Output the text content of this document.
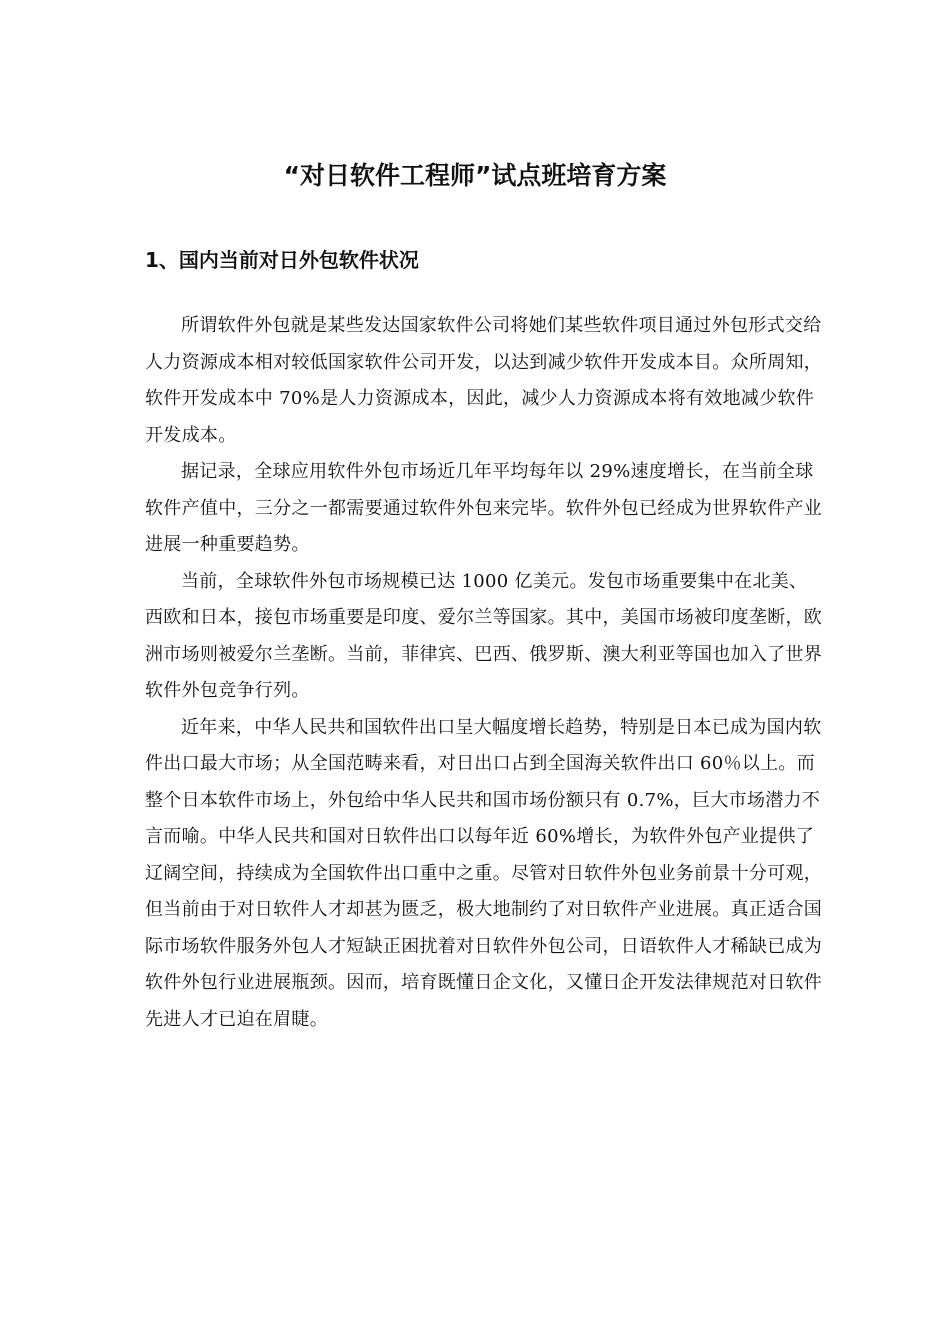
“对日软件工程师”试点班培育方案
1、国内当前对日外包软件状况

所谓软件外包就是某些发达国家软件公司将她们某些软件项目通过外包形式交给人力资源成本相对较低国家软件公司开发，以达到减少软件开发成本目。众所周知，软件开发成本中 70%是人力资源成本，因此，减少人力资源成本将有效地减少软件开发成本。

据记录，全球应用软件外包市场近几年平均每年以 29%速度增长，在当前全球软件产值中，三分之一都需要通过软件外包来完毕。软件外包已经成为世界软件产业进展一种重要趋势。

当前，全球软件外包市场规模已达 1000 亿美元。发包市场重要集中在北美、西欧和日本，接包市场重要是印度、爱尔兰等国家。其中，美国市场被印度垄断，欧洲市场则被爱尔兰垄断。当前，菲律宾、巴西、俄罗斯、澳大利亚等国也加入了世界软件外包竞争行列。

近年来，中华人民共和国软件出口呈大幅度增长趋势，特别是日本已成为国内软件出口最大市场；从全国范畴来看，对日出口占到全国海关软件出口 60％以上。而整个日本软件市场上，外包给中华人民共和国市场份额只有 0.7%，巨大市场潜力不言而喻。中华人民共和国对日软件出口以每年近 60%增长，为软件外包产业提供了辽阔空间，持续成为全国软件出口重中之重。尽管对日软件外包业务前景十分可观，但当前由于对日软件人才却甚为匮乏，极大地制约了对日软件产业进展。真正适合国际市场软件服务外包人才短缺正困扰着对日软件外包公司，日语软件人才稀缺已成为软件外包行业进展瓶颈。因而，培育既懂日企文化，又懂日企开发法律规范对日软件先进人才已迫在眉睫。
